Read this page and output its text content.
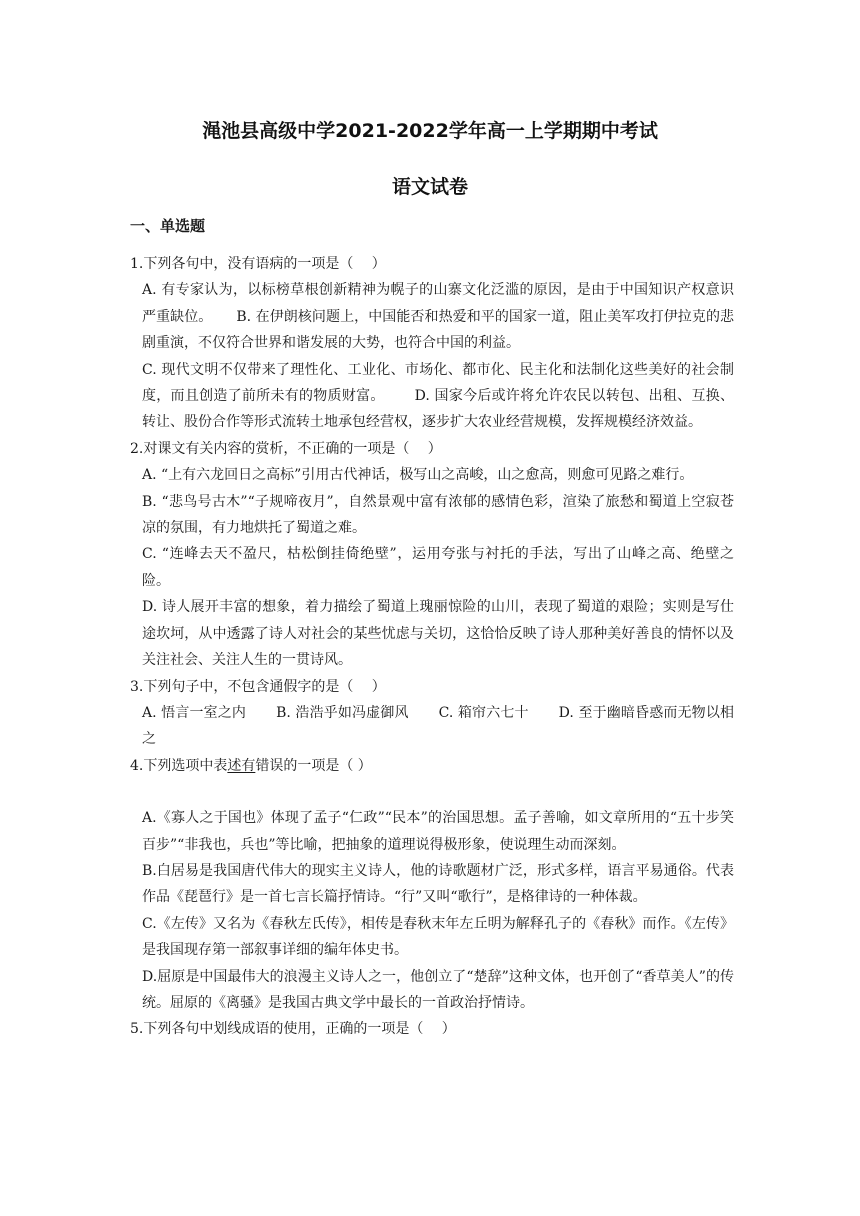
渑池县高级中学2021-2022学年高一上学期期中考试
语文试卷
一、单选题

1.下列各句中，没有语病的一项是（　 ）

A. 有专家认为，以标榜草根创新精神为幌子的山寨文化泛滥的原因，是由于中国知识产权意识严重缺位。 B. 在伊朗核问题上，中国能否和热爱和平的国家一道，阻止美军攻打伊拉克的悲剧重演，不仅符合世界和谐发展的大势，也符合中国的利益。

C. 现代文明不仅带来了理性化、工业化、市场化、都市化、民主化和法制化这些美好的社会制度，而且创造了前所未有的物质财富。 D. 国家今后或许将允许农民以转包、出租、互换、转让、股份合作等形式流转土地承包经营权，逐步扩大农业经营规模，发挥规模经济效益。

2.对课文有关内容的赏析，不正确的一项是（　 ）

A. “上有六龙回日之高标”引用古代神话，极写山之高峻，山之愈高，则愈可见路之难行。

B. “悲鸟号古木”“子规啼夜月”，自然景观中富有浓郁的感情色彩，渲染了旅愁和蜀道上空寂苍凉的氛围，有力地烘托了蜀道之难。

C. “连峰去天不盈尺，枯松倒挂倚绝壁”，运用夸张与衬托的手法，写出了山峰之高、绝壁之险。

D. 诗人展开丰富的想象，着力描绘了蜀道上瑰丽惊险的山川，表现了蜀道的艰险；实则是写仕途坎坷，从中透露了诗人对社会的某些忧虑与关切，这恰恰反映了诗人那种美好善良的情怀以及关注社会、关注人生的一贯诗风。

3.下列句子中，不包含通假字的是（　 ）

A. 悟言一室之内 B. 浩浩乎如冯虚御风 C. 箱帘六七十 D. 至于幽暗昏惑而无物以相之

4.下列选项中表述有错误的一项是（ ）

A.《寡人之于国也》体现了孟子“仁政”“民本”的治国思想。孟子善喻，如文章所用的“五十步笑百步”“非我也，兵也”等比喻，把抽象的道理说得极形象，使说理生动而深刻。

B.白居易是我国唐代伟大的现实主义诗人，他的诗歌题材广泛，形式多样，语言平易通俗。代表作品《琵琶行》是一首七言长篇抒情诗。“行”又叫“歌行”，是格律诗的一种体裁。

C.《左传》又名为《春秋左氏传》，相传是春秋末年左丘明为解释孔子的《春秋》而作。《左传》是我国现存第一部叙事详细的编年体史书。

D.屈原是中国最伟大的浪漫主义诗人之一，他创立了“楚辞”这种文体，也开创了“香草美人”的传统。屈原的《离骚》是我国古典文学中最长的一首政治抒情诗。

5.下列各句中划线成语的使用，正确的一项是（　 ）
